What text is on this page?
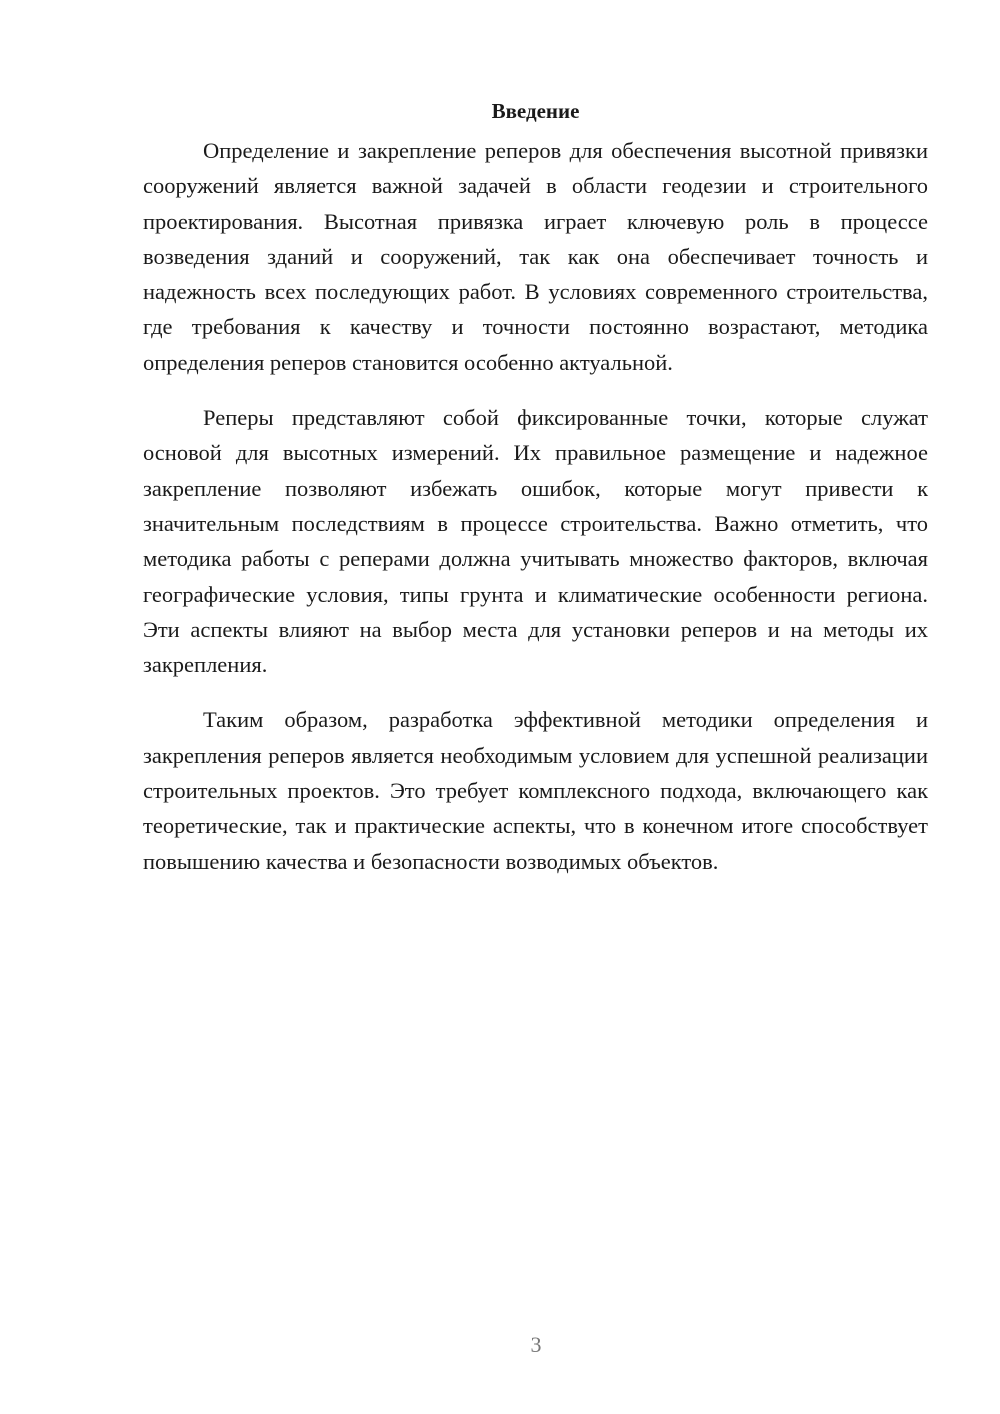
Введение

Определение и закрепление реперов для обеспечения высотной привязки сооружений является важной задачей в области геодезии и строительного проектирования. Высотная привязка играет ключевую роль в процессе возведения зданий и сооружений, так как она обеспечивает точность и надежность всех последующих работ. В условиях современного строительства, где требования к качеству и точности постоянно возрастают, методика определения реперов становится особенно актуальной.

Реперы представляют собой фиксированные точки, которые служат основой для высотных измерений. Их правильное размещение и надежное закрепление позволяют избежать ошибок, которые могут привести к значительным последствиям в процессе строительства. Важно отметить, что методика работы с реперами должна учитывать множество факторов, включая географические условия, типы грунта и климатические особенности региона. Эти аспекты влияют на выбор места для установки реперов и на методы их закрепления.

Таким образом, разработка эффективной методики определения и закрепления реперов является необходимым условием для успешной реализации строительных проектов. Это требует комплексного подхода, включающего как теоретические, так и практические аспекты, что в конечном итоге способствует повышению качества и безопасности возводимых объектов.

3
